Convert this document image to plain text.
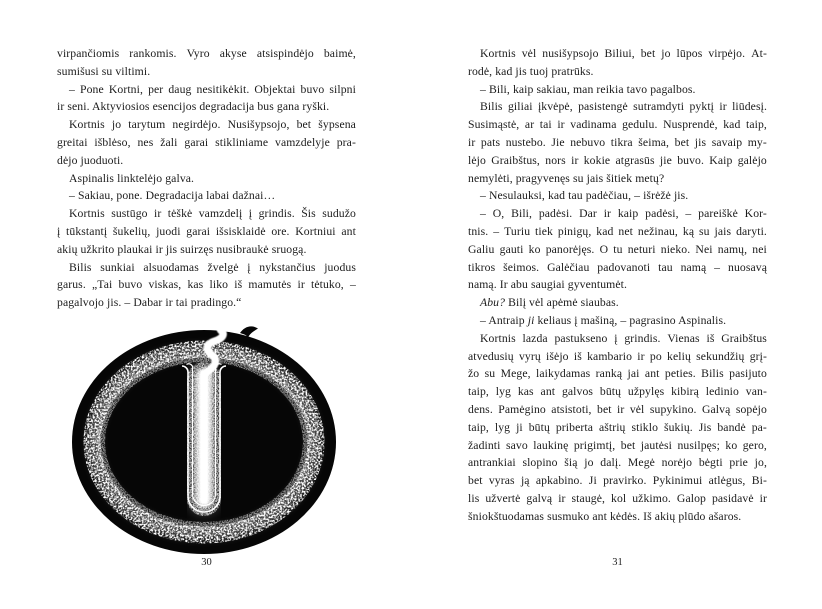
virpančiomis rankomis. Vyro akyse atsispindėjo baimė,
sumišusi su viltimi.
– Pone Kortni, per daug nesitikėkit. Objektai buvo silpni
ir seni. Aktyviosios esencijos degradacija bus gana ryški.
Kortnis jo tarytum negirdėjo. Nusišypsojo, bet šypsena
greitai išblėso, nes žali garai stikliniame vamzdelyje pra-
dėjo juoduoti.
Aspinalis linktelėjo galva.
– Sakiau, pone. Degradacija labai dažnai…
Kortnis sustūgo ir tėškė vamzdelį į grindis. Šis sudužo
į tūkstantį šukelių, juodi garai išsisklaidė ore. Kortniui ant
akių užkrito plaukai ir jis suirzęs nusibraukė sruogą.
Bilis sunkiai alsuodamas žvelgė į nykstančius juodus
garus. „Tai buvo viskas, kas liko iš mamutės ir tėtuko, –
pagalvojo jis. – Dabar ir tai pradingo.“
Kortnis vėl nusišypsojo Biliui, bet jo lūpos virpėjo. At-
rodė, kad jis tuoj pratrūks.
– Bili, kaip sakiau, man reikia tavo pagalbos.
Bilis giliai įkvėpė, pasistengė sutramdyti pyktį ir liūdesį.
Susimąstė, ar tai ir vadinama gedulu. Nusprendė, kad taip,
ir pats nustebo. Jie nebuvo tikra šeima, bet jis savaip my-
lėjo Graibštus, nors ir kokie atgrasūs jie buvo. Kaip galėjo
nemylėti, pragyvenęs su jais šitiek metų?
– Nesulauksi, kad tau padėčiau, – išrėžė jis.
– O, Bili, padėsi. Dar ir kaip padėsi, – pareiškė Kor-
tnis. – Turiu tiek pinigų, kad net nežinau, ką su jais daryti.
Galiu gauti ko panorėjęs. O tu neturi nieko. Nei namų, nei
tikros šeimos. Galėčiau padovanoti tau namą – nuosavą
namą. Ir abu saugiai gyventumėt.
Abu? Bilį vėl apėmė siaubas.
– Antraip ji keliaus į mašiną, – pagrasino Aspinalis.
Kortnis lazda pastukseno į grindis. Vienas iš Graibštus
atvedusių vyrų išėjo iš kambario ir po kelių sekundžių grį-
žo su Mege, laikydamas ranką jai ant peties. Bilis pasijuto
taip, lyg kas ant galvos būtų užpylęs kibirą ledinio van-
dens. Pamėgino atsistoti, bet ir vėl supykino. Galvą sopėjo
taip, lyg ji būtų priberta aštrių stiklo šukių. Jis bandė pa-
žadinti savo laukinę prigimtį, bet jautėsi nusilpęs; ko gero,
antrankiai slopino šią jo dalį. Megė norėjo bėgti prie jo,
bet vyras ją apkabino. Ji pravirko. Pykinimui atlėgus, Bi-
lis užvertė galvą ir staugė, kol užkimo. Galop pasidavė ir
šniokštuodamas susmuko ant kėdės. Iš akių plūdo ašaros.
30	31
